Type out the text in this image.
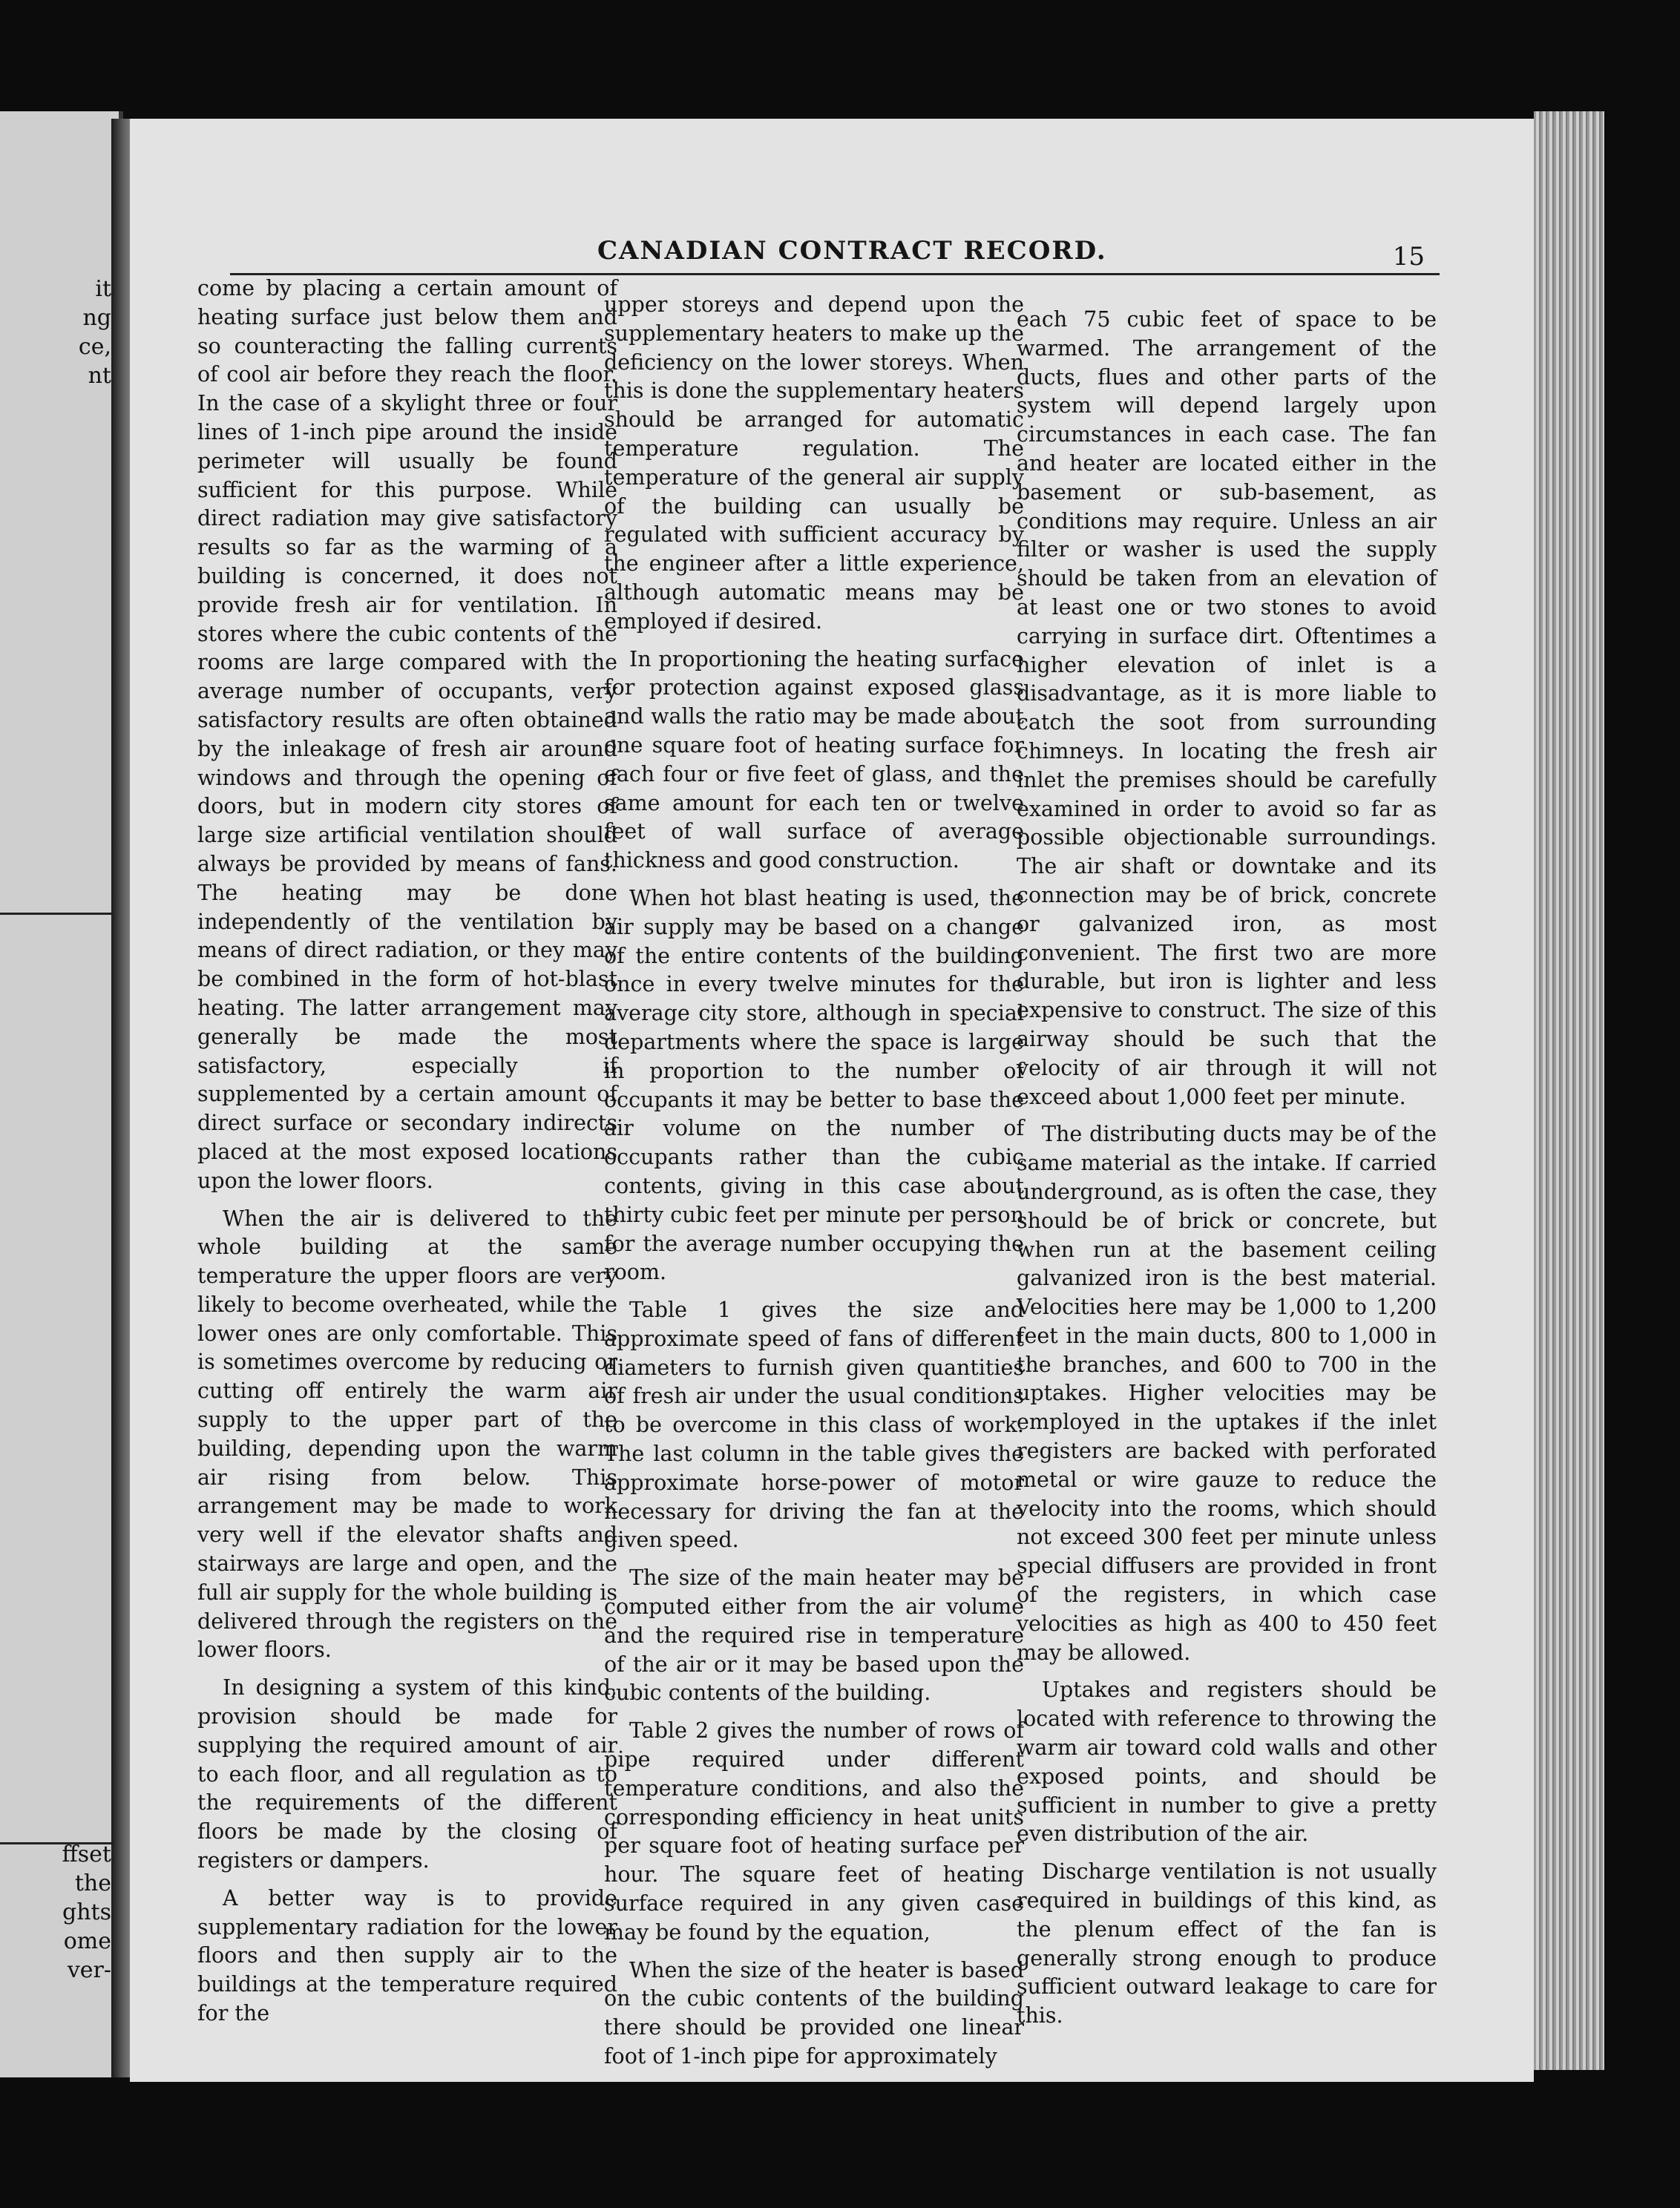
it
ng
ce,
nt
ffset
the
ghts
ome
ver-
CANADIAN CONTRACT RECORD.	15

come by placing a certain amount of heating surface just below them and so counteracting the falling currents of cool air before they reach the floor. In the case of a skylight three or four lines of 1-inch pipe around the inside perimeter will usually be found sufficient for this purpose. While direct radiation may give satisfactory results so far as the warming of a building is concerned, it does not provide fresh air for ventilation. In stores where the cubic contents of the rooms are large compared with the average number of occupants, very satisfactory results are often obtained by the inleakage of fresh air around windows and through the opening of doors, but in modern city stores of large size artificial ventilation should always be provided by means of fans. The heating may be done independently of the ventilation by means of direct radiation, or they may be combined in the form of hot-blast heating. The latter arrangement may generally be made the most satisfactory, especially if supplemented by a certain amount of direct surface or secondary indirects placed at the most exposed locations upon the lower floors.

When the air is delivered to the whole building at the same temperature the upper floors are very likely to become overheated, while the lower ones are only comfortable. This is sometimes overcome by reducing or cutting off entirely the warm air supply to the upper part of the building, depending upon the warm air rising from below. This arrangement may be made to work very well if the elevator shafts and stairways are large and open, and the full air supply for the whole building is delivered through the registers on the lower floors.

In designing a system of this kind, provision should be made for supplying the required amount of air to each floor, and all regulation as to the requirements of the different floors be made by the closing of registers or dampers.

A better way is to provide supplementary radiation for the lower floors and then supply air to the buildings at the temperature required for the

upper storeys and depend upon the supplementary heaters to make up the deficiency on the lower storeys. When this is done the supplementary heaters should be arranged for automatic temperature regulation. The temperature of the general air supply of the building can usually be regulated with sufficient accuracy by the engineer after a little experience, although automatic means may be employed if desired.

In proportioning the heating surface for protection against exposed glass and walls the ratio may be made about one square foot of heating surface for each four or five feet of glass, and the same amount for each ten or twelve feet of wall surface of average thickness and good construction.

When hot blast heating is used, the air supply may be based on a change of the entire contents of the building once in every twelve minutes for the average city store, although in special departments where the space is large in proportion to the number of occupants it may be better to base the air volume on the number of occupants rather than the cubic contents, giving in this case about thirty cubic feet per minute per person for the average number occupying the room.

Table 1 gives the size and approximate speed of fans of different diameters to furnish given quantities of fresh air under the usual conditions to be overcome in this class of work. The last column in the table gives the approximate horse-power of motor necessary for driving the fan at the given speed.

The size of the main heater may be computed either from the air volume and the required rise in temperature of the air or it may be based upon the cubic contents of the building.

Table 2 gives the number of rows of pipe required under different temperature conditions, and also the corresponding efficiency in heat units per square foot of heating surface per hour. The square feet of heating surface required in any given case may be found by the equation,

When the size of the heater is based on the cubic contents of the building there should be provided one linear foot of 1-inch pipe for approximately

each 75 cubic feet of space to be warmed. The arrangement of the ducts, flues and other parts of the system will depend largely upon circumstances in each case. The fan and heater are located either in the basement or sub-basement, as conditions may require. Unless an air filter or washer is used the supply should be taken from an elevation of at least one or two stones to avoid carrying in surface dirt. Oftentimes a higher elevation of inlet is a disadvantage, as it is more liable to catch the soot from surrounding chimneys. In locating the fresh air inlet the premises should be carefully examined in order to avoid so far as possible objectionable surroundings. The air shaft or downtake and its connection may be of brick, concrete or galvanized iron, as most convenient. The first two are more durable, but iron is lighter and less expensive to construct. The size of this airway should be such that the velocity of air through it will not exceed about 1,000 feet per minute.

The distributing ducts may be of the same material as the intake. If carried underground, as is often the case, they should be of brick or concrete, but when run at the basement ceiling galvanized iron is the best material. Velocities here may be 1,000 to 1,200 feet in the main ducts, 800 to 1,000 in the branches, and 600 to 700 in the uptakes. Higher velocities may be employed in the uptakes if the inlet registers are backed with perforated metal or wire gauze to reduce the velocity into the rooms, which should not exceed 300 feet per minute unless special diffusers are provided in front of the registers, in which case velocities as high as 400 to 450 feet may be allowed.

Uptakes and registers should be located with reference to throwing the warm air toward cold walls and other exposed points, and should be sufficient in number to give a pretty even distribution of the air.

Discharge ventilation is not usually required in buildings of this kind, as the plenum effect of the fan is generally strong enough to produce sufficient outward leakage to care for this.
